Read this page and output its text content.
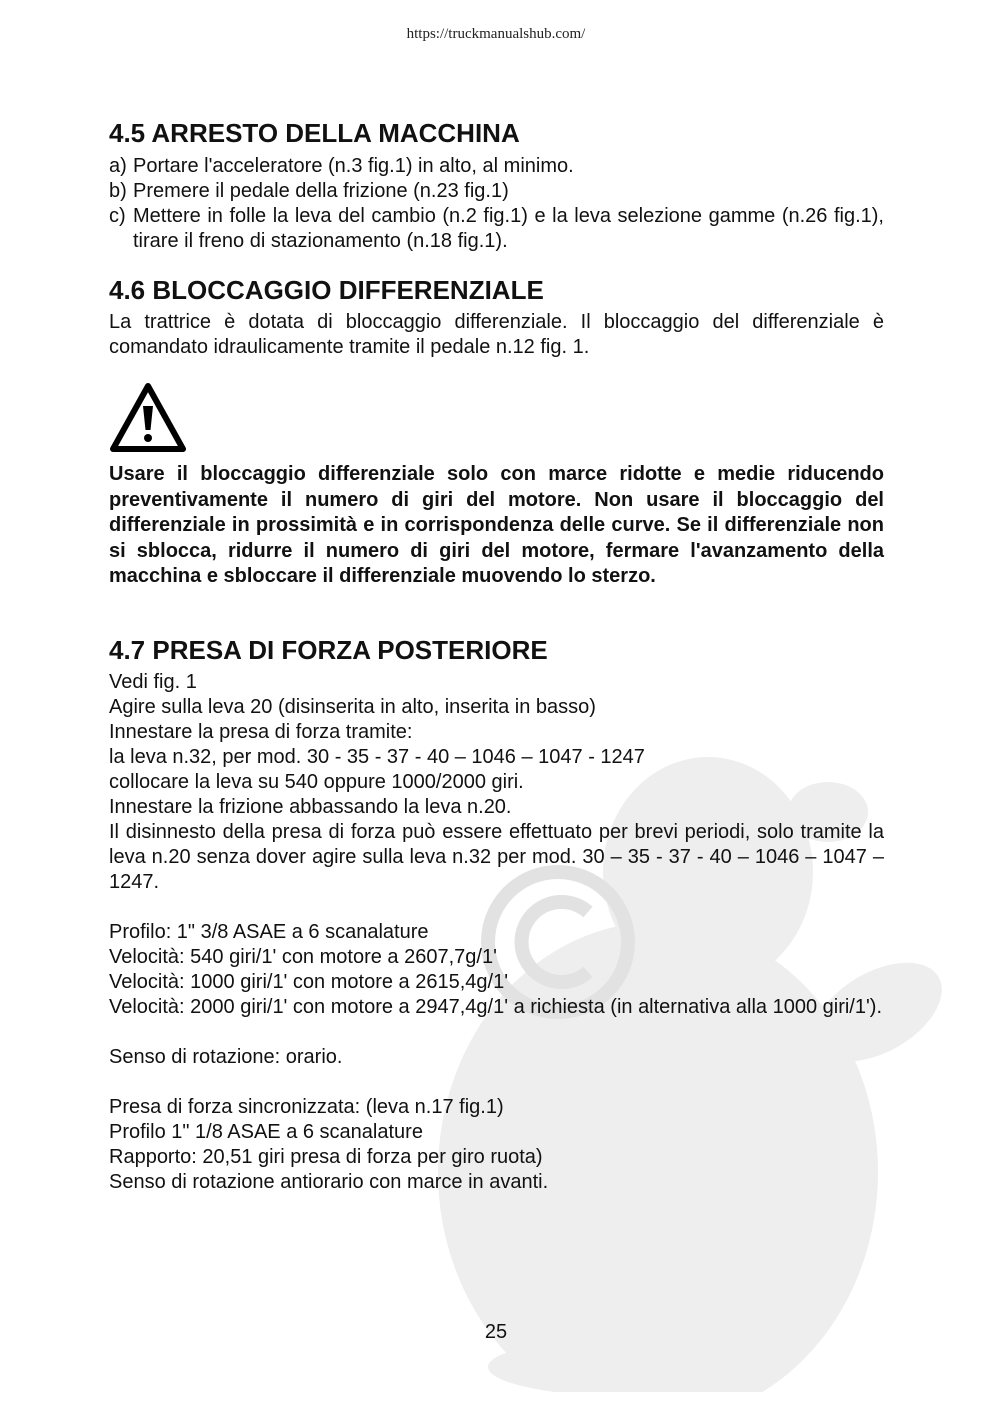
https://truckmanualshub.com/
4.5 ARRESTO DELLA MACCHINA
a) Portare l'acceleratore (n.3 fig.1) in alto, al minimo.
b) Premere il pedale della frizione (n.23 fig.1)
c) Mettere in folle la leva del cambio (n.2 fig.1) e la leva selezione gamme (n.26 fig.1), tirare il freno di stazionamento (n.18 fig.1).
4.6 BLOCCAGGIO DIFFERENZIALE
La trattrice è dotata di bloccaggio differenziale. Il bloccaggio del differenziale è comandato idraulicamente tramite il pedale n.12 fig. 1.
Usare il bloccaggio differenziale solo con marce ridotte e medie riducendo preventivamente il numero di giri del motore. Non usare il bloccaggio del differenziale in prossimità e in corrispondenza delle curve. Se il differenziale non si sblocca, ridurre il numero di giri del motore, fermare l'avanzamento della macchina e sbloccare il differenziale muovendo lo sterzo.
4.7 PRESA DI FORZA POSTERIORE
Vedi fig. 1
Agire sulla leva 20 (disinserita in alto, inserita in basso)
Innestare la presa di forza tramite:
la leva n.32, per mod. 30 - 35 - 37 - 40 – 1046 – 1047 - 1247
collocare la leva su 540 oppure 1000/2000 giri.
Innestare la frizione abbassando la leva n.20.
Il disinnesto della presa di forza può essere effettuato per brevi periodi, solo tramite la leva n.20 senza dover agire sulla leva n.32 per mod. 30 – 35 - 37 - 40 – 1046 – 1047 –1247.
Profilo: 1" 3/8 ASAE a 6 scanalature
Velocità: 540 giri/1' con motore a 2607,7g/1'
Velocità: 1000 giri/1' con motore a 2615,4g/1'
Velocità: 2000 giri/1' con motore a 2947,4g/1' a richiesta (in alternativa alla 1000 giri/1').
Senso di rotazione: orario.
Presa di forza sincronizzata: (leva n.17 fig.1)
Profilo 1" 1/8 ASAE a 6 scanalature
Rapporto: 20,51 giri presa di forza per giro ruota)
Senso di rotazione antiorario con marce in avanti.
25
